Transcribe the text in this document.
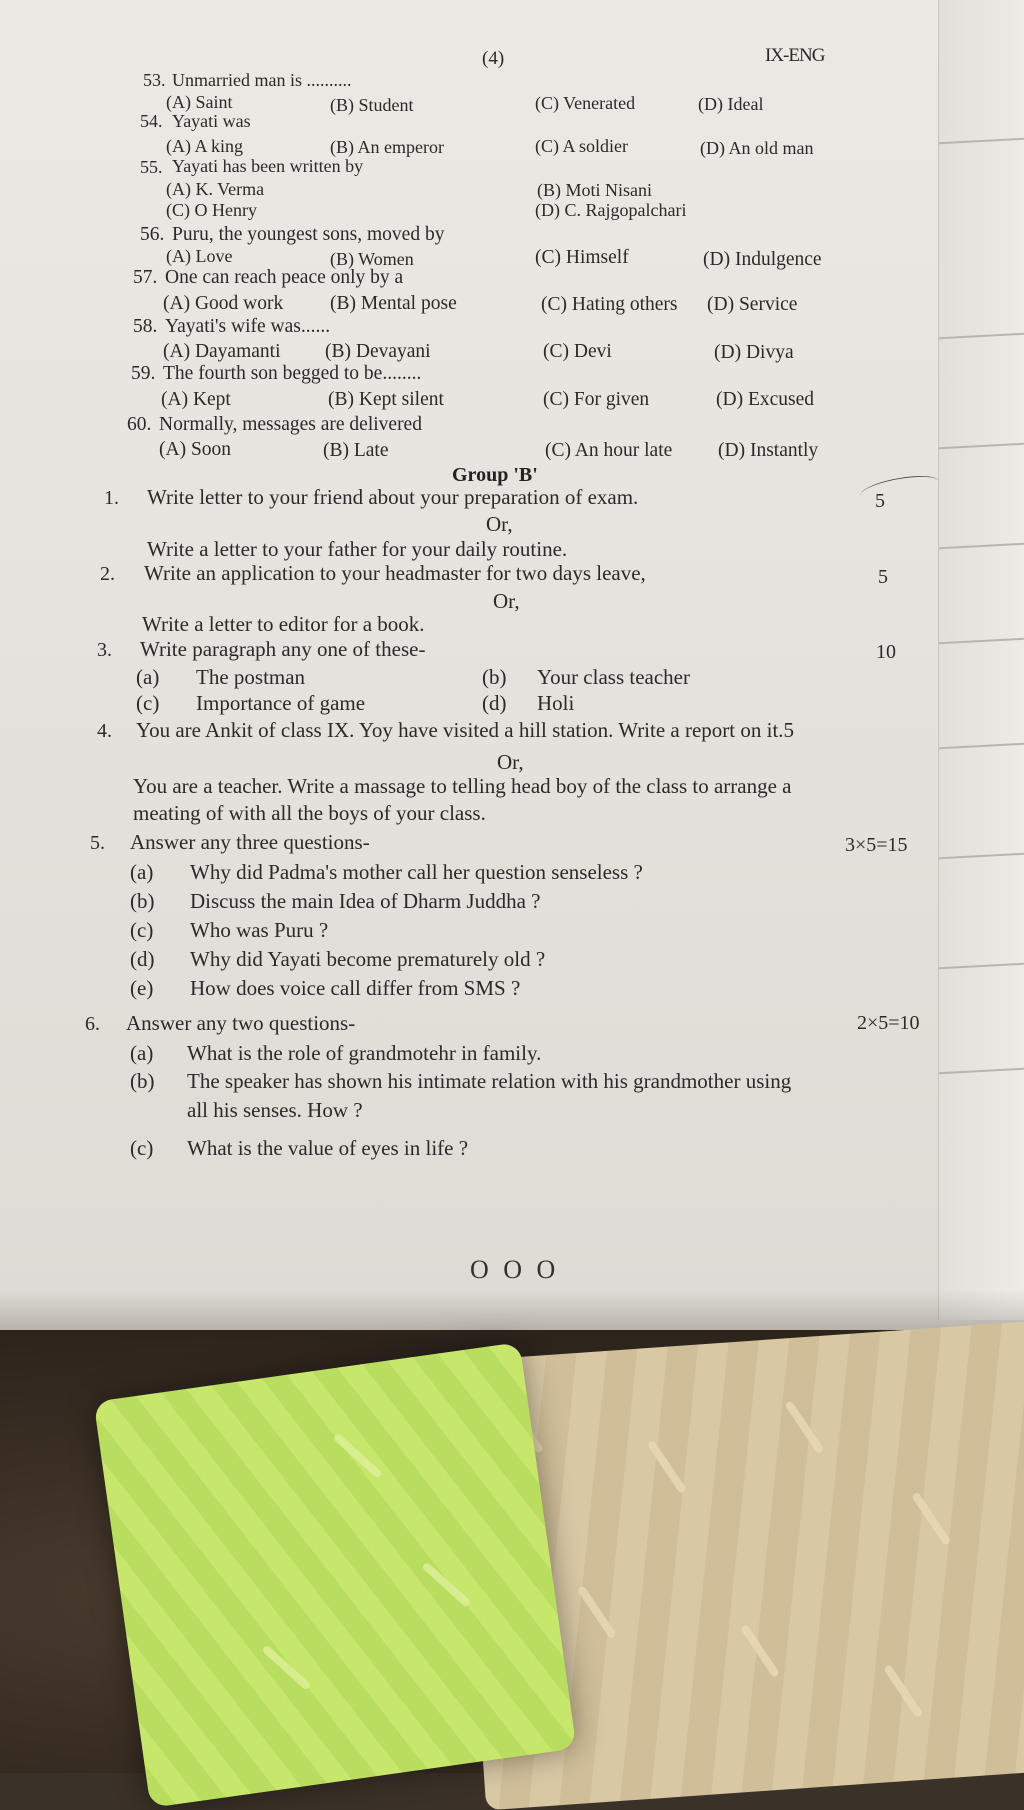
(4)	IX-ENG
53. Unmarried man is ..........
(A) Saint	(B) Student	(C) Venerated	(D) Ideal
54. Yayati was
(A) A king	(B) An emperor	(C) A soldier	(D) An old man
55. Yayati has been written by
(A) K. Verma	(B) Moti Nisani
(C) O Henry	(D) C. Rajgopalchari
56. Puru, the youngest sons, moved by
(A) Love	(B) Women	(C) Himself	(D) Indulgence
57. One can reach peace only by a
(A) Good work (B) Mental pose	(C) Hating others (D) Service
58. Yayati's wife was......
(A) Dayamanti (B) Devayani	(C) Devi	(D) Divya
59. The fourth son begged to be........
(A) Kept	(B) Kept silent	(C) For given	(D) Excused
60. Normally, messages are delivered
(A) Soon	(B) Late	(C) An hour late (D) Instantly
Group 'B'
1. Write letter to your friend about your preparation of exam.	5
Or,
Write a letter to your father for your daily routine.
2. Write an application to your headmaster for two days leave,	5
Or,
Write a letter to editor for a book.
3. Write paragraph any one of these-	10
(a) The postman	(b) Your class teacher
(c) Importance of game	(d) Holi
4. You are Ankit of class IX. Yoy have visited a hill station. Write a report on it.5
Or,
You are a teacher. Write a massage to telling head boy of the class to arrange a
meating of with all the boys of your class.
5. Answer any three questions-	3×5=15
(a) Why did Padma's mother call her question senseless ?
(b) Discuss the main Idea of Dharm Juddha ?
(c) Who was Puru ?
(d) Why did Yayati become prematurely old ?
(e) How does voice call differ from SMS ?
6. Answer any two questions-	2×5=10
(a) What is the role of grandmotehr in family.
(b) The speaker has shown his intimate relation with his grandmother using
all his senses. How ?
(c) What is the value of eyes in life ?
O O O
